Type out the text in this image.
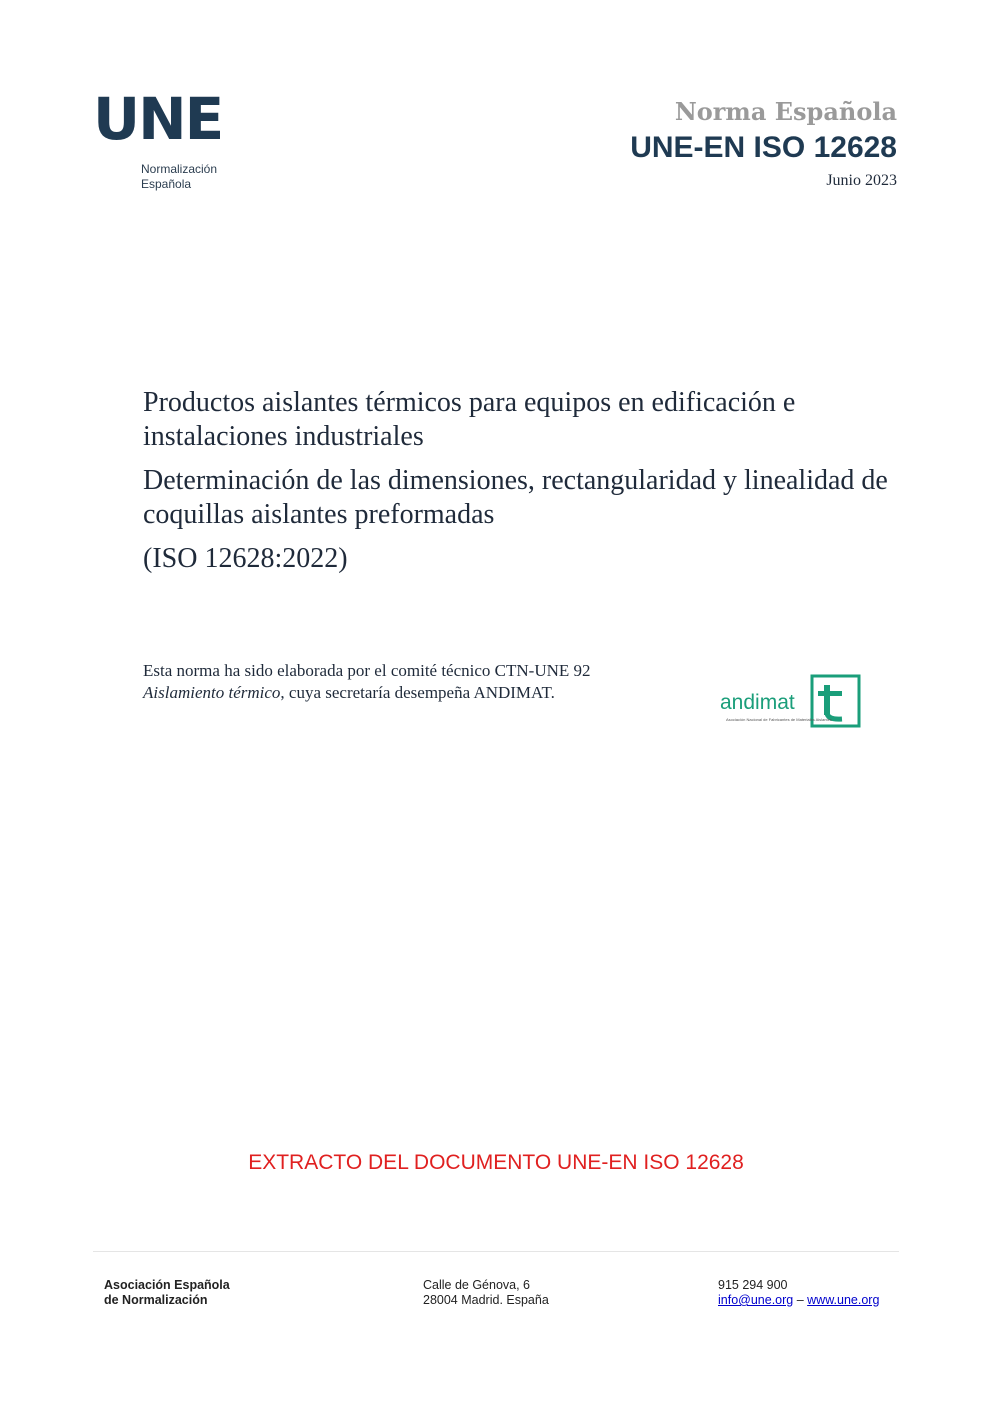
UNE
Normalización
Española
Norma Española
UNE-EN ISO 12628
Junio 2023

Productos aislantes térmicos para equipos en edificación e instalaciones industriales

Determinación de las dimensiones, rectangularidad y linealidad de coquillas aislantes preformadas

(ISO 12628:2022)

Esta norma ha sido elaborada por el comité técnico CTN-UNE 92 Aislamiento térmico, cuya secretaría desempeña ANDIMAT.	andimat
Asociación Nacional de Fabricantes de Materiales Aislantes
EXTRACTO DEL DOCUMENTO UNE-EN ISO 12628
Asociación Española
de Normalización
Calle de Génova, 6
28004 Madrid. España
915 294 900
info@une.org – www.une.org
